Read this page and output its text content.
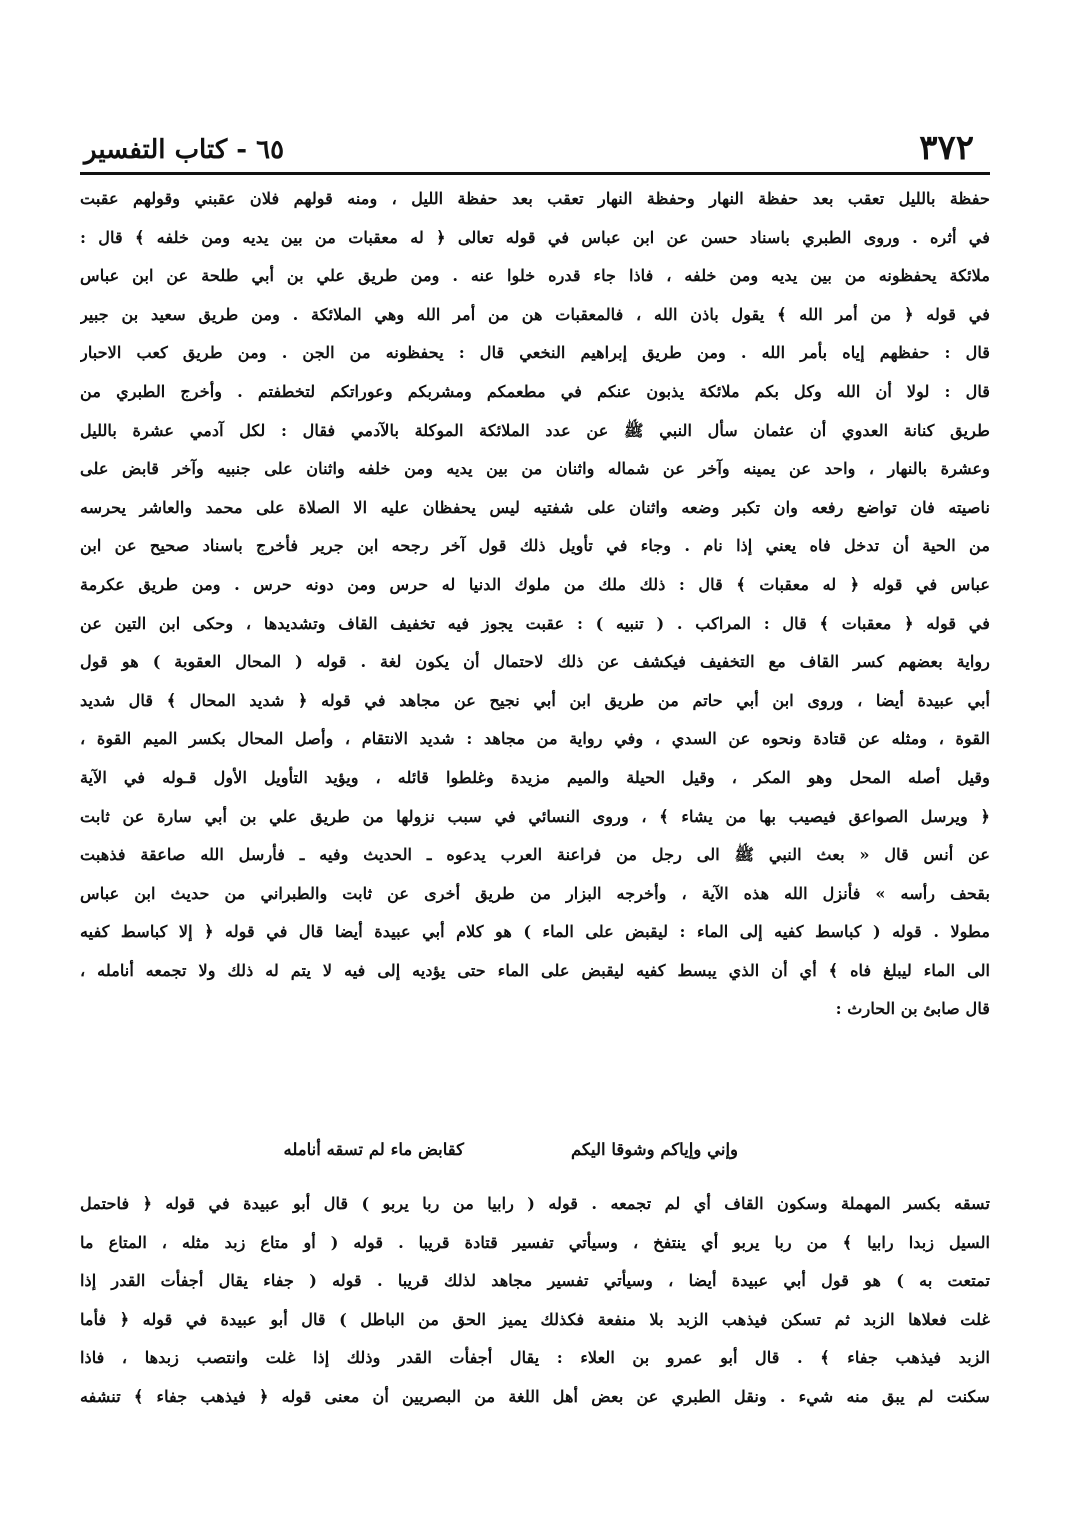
٣٧٢
٦٥ - كتاب التفسير
حفظة بالليل تعقب بعد حفظة النهار وحفظة النهار تعقب بعد حفظة الليل ، ومنه قولهم فلان عقبني وقولهم عقبت
في أثره . وروى الطبري باسناد حسن عن ابن عباس في قوله تعالى ﴿ له معقبات من بين يديه ومن خلفه ﴾ قال :
ملائكة يحفظونه من بين يديه ومن خلفه ، فاذا جاء قدره خلوا عنه . ومن طريق علي بن أبي طلحة عن ابن عباس
في قوله ﴿ من أمر الله ﴾ يقول باذن الله ، فالمعقبات هن من أمر الله وهي الملائكة . ومن طريق سعيد بن جبير
قال : حفظهم إياه بأمر الله . ومن طريق إبراهيم النخعي قال : يحفظونه من الجن . ومن طريق كعب الاحبار
قال : لولا أن الله وكل بكم ملائكة يذبون عنكم في مطعمكم ومشربكم وعوراتكم لتخطفتم . وأخرج الطبري من
طريق كنانة العدوي أن عثمان سأل النبي ﷺ عن عدد الملائكة الموكلة بالآدمي فقال : لكل آدمي عشرة بالليل
وعشرة بالنهار ، واحد عن يمينه وآخر عن شماله واثنان من بين يديه ومن خلفه واثنان على جنبيه وآخر قابض على
ناصيته فان تواضع رفعه وان تكبر وضعه واثنان على شفتيه ليس يحفظان عليه الا الصلاة على محمد والعاشر يحرسه
من الحية أن تدخل فاه يعني إذا نام . وجاء في تأويل ذلك قول آخر رجحه ابن جرير فأخرج باسناد صحيح عن ابن
عباس في قوله ﴿ له معقبات ﴾ قال : ذلك ملك من ملوك الدنيا له حرس ومن دونه حرس . ومن طريق عكرمة
في قوله ﴿ معقبات ﴾ قال : المراكب . ( تنبيه ) : عقبت يجوز فيه تخفيف القاف وتشديدها ، وحكى ابن التين عن
رواية بعضهم كسر القاف مع التخفيف فيكشف عن ذلك لاحتمال أن يكون لغة . قوله ( المحال العقوبة ) هو قول
أبي عبيدة أيضا ، وروى ابن أبي حاتم من طريق ابن أبي نجيح عن مجاهد في قوله ﴿ شديد المحال ﴾ قال شديد
القوة ، ومثله عن قتادة ونحوه عن السدي ، وفي رواية من مجاهد : شديد الانتقام ، وأصل المحال بكسر الميم القوة ،
وقيل أصله المحل وهو المكر ، وقيل الحيلة والميم مزيدة وغلطوا قائله ، ويؤيد التأويل الأول قـوله في الآية
﴿ ويرسل الصواعق فيصيب بها من يشاء ﴾ ، وروى النسائي في سبب نزولها من طريق علي بن أبي سارة عن ثابت
عن أنس قال « بعث النبي ﷺ الى رجل من فراعنة العرب يدعوه ـ الحديث وفيه ـ فأرسل الله صاعقة فذهبت
بقحف رأسه » فأنزل الله هذه الآية ، وأخرجه البزار من طريق أخرى عن ثابت والطبراني من حديث ابن عباس
مطولا . قوله ( كباسط كفيه إلى الماء : ليقبض على الماء ) هو كلام أبي عبيدة أيضا قال في قوله ﴿ إلا كباسط كفيه
الى الماء ليبلغ فاه ﴾ أي أن الذي يبسط كفيه ليقبض على الماء حتى يؤديه إلى فيه لا يتم له ذلك ولا تجمعه أنامله ،
قال صابئ بن الحارث :
وإني وإياكم وشوقا اليكم
كقابض ماء لم تسقه أنامله
تسقه بكسر المهملة وسكون القاف أي لم تجمعه . قوله ( رابيا من ربا يربو ) قال أبو عبيدة في قوله ﴿ فاحتمل
السيل زبدا رابيا ﴾ من ربا يربو أي ينتفخ ، وسيأتي تفسير قتادة قريبا . قوله ( أو متاع زبد مثله ، المتاع ما
تمتعت به ) هو قول أبي عبيدة أيضا ، وسيأتي تفسير مجاهد لذلك قريبا . قوله ( جفاء يقال أجفأت القدر إذا
غلت فعلاها الزبد ثم تسكن فيذهب الزبد بلا منفعة فكذلك يميز الحق من الباطل ) قال أبو عبيدة في قوله ﴿ فأما
الزبد فيذهب جفاء ﴾ . قال أبو عمرو بن العلاء : يقال أجفأت القدر وذلك إذا غلت وانتصب زبدها ، فاذا
سكنت لم يبق منه شيء . ونقل الطبري عن بعض أهل اللغة من البصريين أن معنى قوله ﴿ فيذهب جفاء ﴾ تنشفه
